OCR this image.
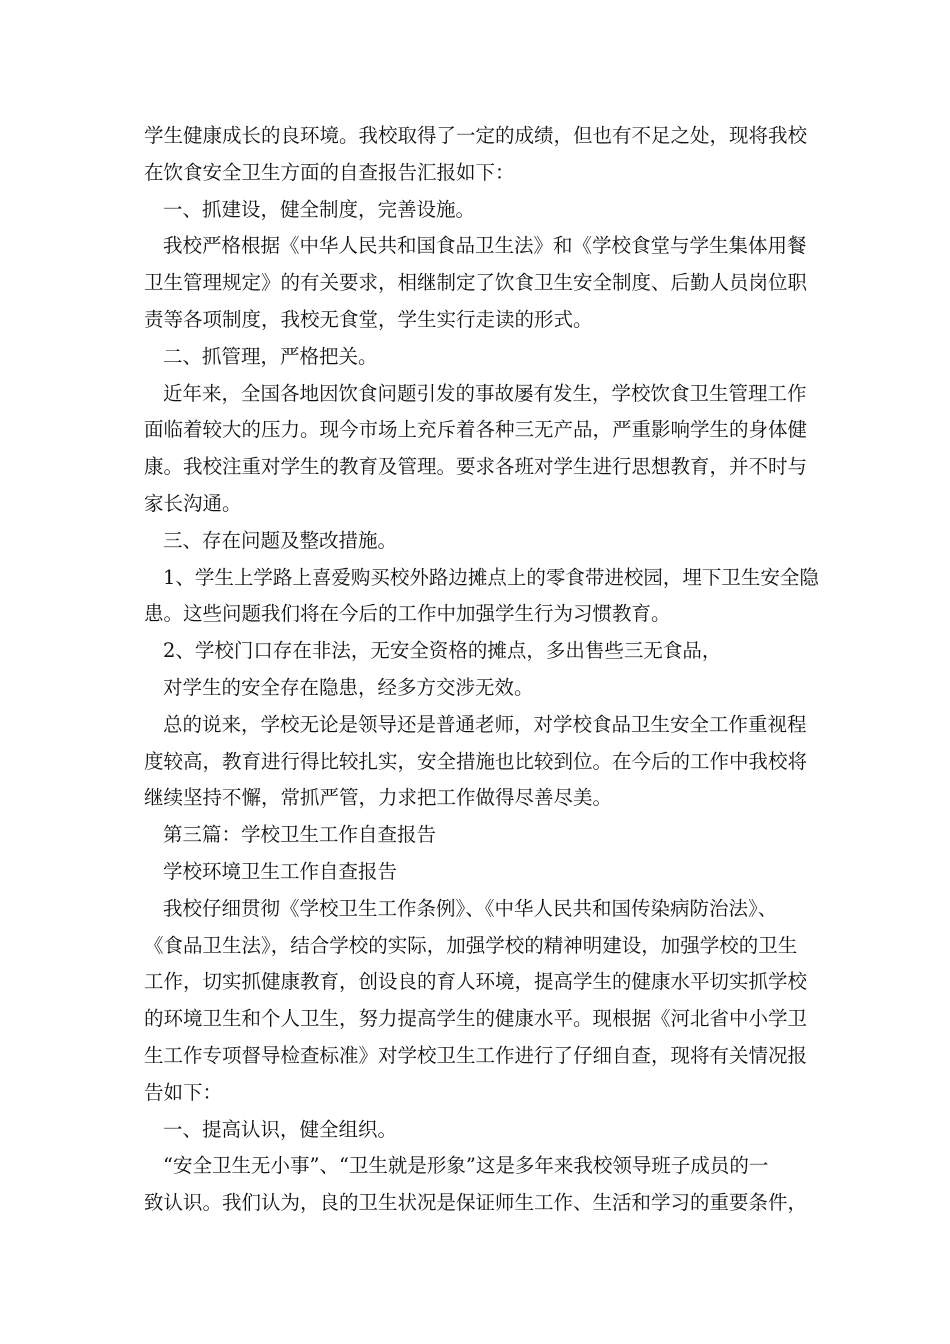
学生健康成长的良环境。我校取得了一定的成绩，但也有不足之处，现将我校
在饮食安全卫生方面的自查报告汇报如下：
一、抓建设，健全制度，完善设施。
我校严格根据《中华人民共和国食品卫生法》和《学校食堂与学生集体用餐
卫生管理规定》的有关要求，相继制定了饮食卫生安全制度、后勤人员岗位职
责等各项制度，我校无食堂，学生实行走读的形式。
二、抓管理，严格把关。
近年来，全国各地因饮食问题引发的事故屡有发生，学校饮食卫生管理工作
面临着较大的压力。现今市场上充斥着各种三无产品，严重影响学生的身体健
康。我校注重对学生的教育及管理。要求各班对学生进行思想教育，并不时与
家长沟通。
三、存在问题及整改措施。
1、学生上学路上喜爱购买校外路边摊点上的零食带进校园，埋下卫生安全隐
患。这些问题我们将在今后的工作中加强学生行为习惯教育。
2、学校门口存在非法，无安全资格的摊点，多出售些三无食品，
对学生的安全存在隐患，经多方交涉无效。
总的说来，学校无论是领导还是普通老师，对学校食品卫生安全工作重视程
度较高，教育进行得比较扎实，安全措施也比较到位。在今后的工作中我校将
继续坚持不懈，常抓严管，力求把工作做得尽善尽美。
第三篇：学校卫生工作自查报告
学校环境卫生工作自查报告
我校仔细贯彻《学校卫生工作条例》、《中华人民共和国传染病防治法》、
《食品卫生法》，结合学校的实际，加强学校的精神明建设，加强学校的卫生
工作，切实抓健康教育，创设良的育人环境，提高学生的健康水平切实抓学校
的环境卫生和个人卫生，努力提高学生的健康水平。现根据《河北省中小学卫
生工作专项督导检查标准》对学校卫生工作进行了仔细自查，现将有关情况报
告如下：
一、提高认识，健全组织。
“安全卫生无小事”、“卫生就是形象”这是多年来我校领导班子成员的一
致认识。我们认为，良的卫生状况是保证师生工作、生活和学习的重要条件，
